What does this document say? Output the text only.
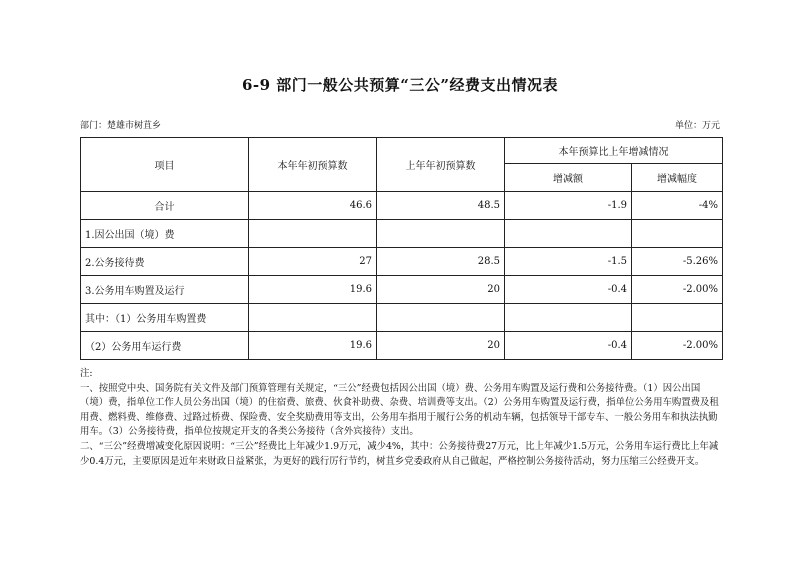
6-9 部门一般公共预算“三公”经费支出情况表
部门：楚雄市树苴乡	单位：万元
项目	本年年初预算数	上年年初预算数	本年预算比上年增减情况	
			增减额	增减幅度
合计	46.6	48.5	-1.9	-4%
1.因公出国（境）费				
2.公务接待费	27	28.5	-1.5	-5.26%
3.公务用车购置及运行	19.6	20	-0.4	-2.00%
其中：（1）公务用车购置费				
（2）公务用车运行费	19.6	20	-0.4	-2.00%

注:

一、按照党中央、国务院有关文件及部门预算管理有关规定，“三公”经费包括因公出国（境）费、公务用车购置及运行费和公务接待费。（1）因公出国（境）费，指单位工作人员公务出国（境）的住宿费、旅费、伙食补助费、杂费、培训费等支出。（2）公务用车购置及运行费，指单位公务用车购置费及租用费、燃料费、维修费、过路过桥费、保险费、安全奖励费用等支出，公务用车指用于履行公务的机动车辆，包括领导干部专车、一般公务用车和执法执勤用车。（3）公务接待费，指单位按规定开支的各类公务接待（含外宾接待）支出。

二、“三公”经费增减变化原因说明：“三公”经费比上年减少1.9万元，减少4%，其中：公务接待费27万元，比上年减少1.5万元，公务用车运行费比上年减少0.4万元，主要原因是近年来财政日益紧张，为更好的践行厉行节约，树苴乡党委政府从自己做起，严格控制公务接待活动，努力压缩三公经费开支。
